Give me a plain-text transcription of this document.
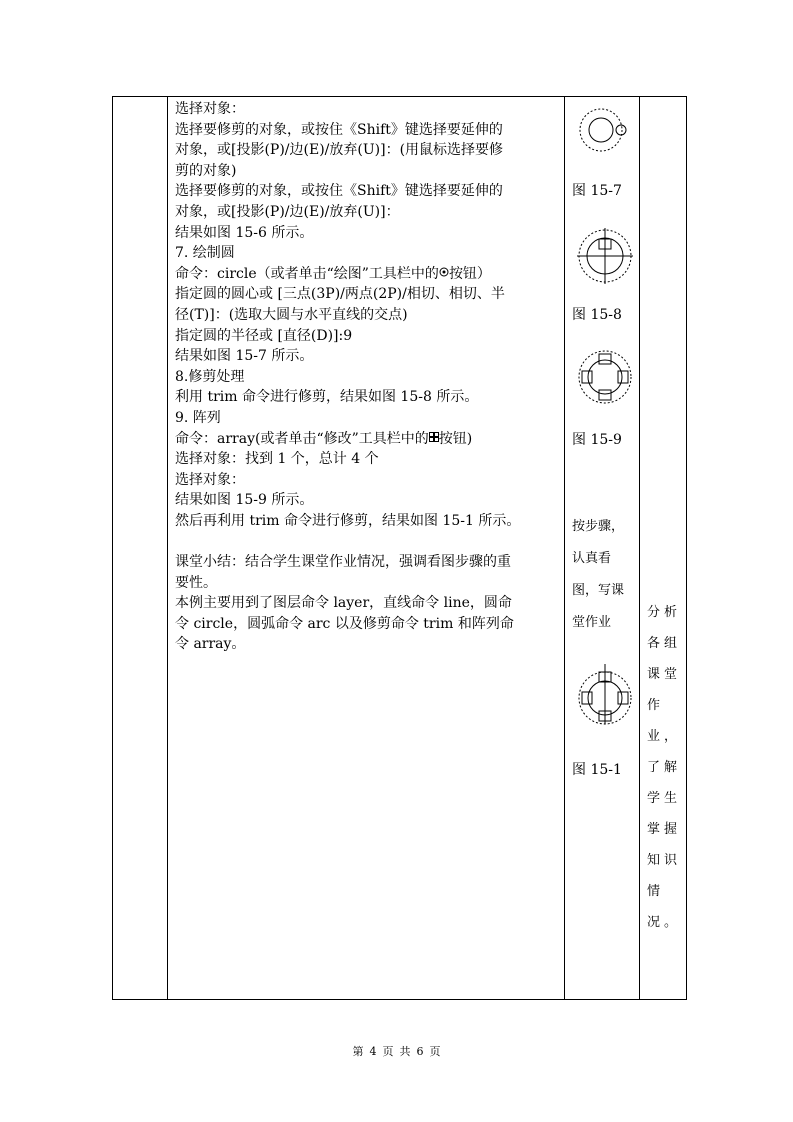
选择对象：
选择要修剪的对象，或按住《Shift》键选择要延伸的
对象，或[投影(P)/边(E)/放弃(U)]：(用鼠标选择要修
剪的对象)
选择要修剪的对象，或按住《Shift》键选择要延伸的
对象，或[投影(P)/边(E)/放弃(U)]：
结果如图 15-6 所示。
7. 绘制圆
命令：circle（或者单击“绘图”工具栏中的 按钮）
指定圆的圆心或 [三点(3P)/两点(2P)/相切、相切、半
径(T)]：(选取大圆与水平直线的交点)
指定圆的半径或 [直径(D)]:9
结果如图 15-7 所示。
8.修剪处理
利用 trim 命令进行修剪，结果如图 15-8 所示。
9. 阵列
命令：array(或者单击“修改”工具栏中的 按钮)
选择对象：找到 1 个，总计 4 个
选择对象：
结果如图 15-9 所示。
然后再利用 trim 命令进行修剪，结果如图 15-1 所示。
课堂小结：结合学生课堂作业情况，强调看图步骤的重
要性。
本例主要用到了图层命令 layer，直线命令 line，圆命
令 circle，圆弧命令 arc 以及修剪命令 trim 和阵列命
令 array。
图 15-7
图 15-8
图 15-9
按步骤，
认真看
图，写课
堂作业
图 15-1
分析
各组
课堂
作
业，
了解
学生
掌握
知识
情
况。
第 4 页 共 6 页
